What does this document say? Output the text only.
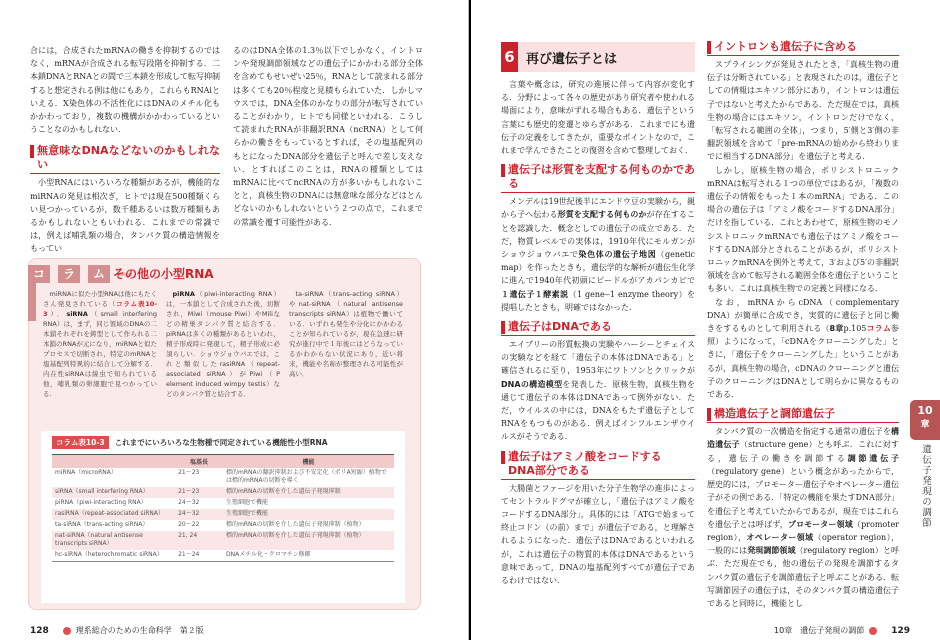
合には，合成されたmRNAの働きを抑制するのではなく，mRNAが合成される転写段階を抑制する．二本鎖DNAとRNAとの間で三本鎖を形成して転写抑制すると想定される例は他にもあり，これらもRNAiといえる．X染色体の不活性化にはDNAのメチル化もかかわっており，複数の機構がかかわっているということなのかもしれない．

無意味なDNAなどないのかもしれない

小型RNAにはいろいろな種類があるが，機能的なmiRNAの発見は相次ぎ，ヒトでは現在500種類くらい見つかっているが，数千種あるいは数万種類もあるかもしれないともいわれる．これまでの常識では，例えば哺乳類の場合，タンパク質の構造情報をもってい

るのはDNA全体の1.3％以下でしかなく，イントロンや発現調節領域などの遺伝子にかかわる部分全体を含めてもせいぜい25％，RNAとして読まれる部分は多くても20％程度と見積もられていた．しかしマウスでは，DNA全体のかなりの部分が転写されていることがわかり，ヒトでも同様といわれる．こうして読まれたRNAが非翻訳RNA（ncRNA）として何らかの働きをもっているとすれば，その塩基配列のもとになったDNA部分を遺伝子と呼んで差し支えない．とすればこのことは，RNAの種類としてはmRNAに比べてncRNAの方が多いかもしれないことと，真核生物のDNAには無意味な部分などはとんどないのかもしれないという２つの点で，これまでの常識を覆す可能性がある．

コ	ラ	ム その他の小型RNA
miRNAに似た小型RNAは他にもたくさん発見されている（コラム表10-3）．siRNA（small interfering RNA）は，まず，同じ領域のDNAの二本鎖それぞれを鋳型として作られる二本鎖のRNAが元になり，miRNAと似たプロセスで切断され，特定のmRNAと塩基配列特異的に結合して分解する．内在性siRNAは線虫で知られている他，哺乳類の卵細胞で見つかっている．
piRNA（piwi-interacting RNA）は，一本鎖として合成された後，切断され，Miwi（mouse Piwi）やMiliなどの精巣タンパク質と結合する．piRNAは多くの種類があるといわれ，精子形成時に発現して，精子形成に必須らしい．ショウジョウバエでは，これと類似したrasiRNA（repeat-associated siRNA）がPiwi（P element induced wimpy testis）などのタンパク質と結合する．
ta-siRNA（trans-acting siRNA）やnat-siRNA（natural antisense transcripts siRNA）は植物で働いている．いずれも発生や分化にかかわることが知られているが，現在急速に研究が進行中で１年後にはどうなっているかわからない状況にあり，近い将来，機能や名称が整理される可能性が高い．
コラム表10-3	これまでにいろいろな生物種で同定されている機能性小型RNA
	塩基長	機能
miRNA（microRNA）	21〜23	標的mRNAの翻訳抑制および不安定化（ポリA短縮）植物では標的mRNAの切断を導く
siRNA（small interfering RNA）	21〜23	標的mRNAの切断を介した遺伝子発現抑制
piRNA（piwi-interacting RNA）	24〜32	生殖細胞で機能
rasiRNA（repeat-associated siRNA）	24〜32	生殖細胞で機能
ta-siRNA（trans-acting siRNA）	20〜22	標的mRNAの切断を介した遺伝子発現抑制（植物）
nat-siRNA（natural antisense transcripts siRNA）	21, 24	標的mRNAの切断を介した遺伝子発現抑制（植物）
hc-siRNA（heterochromatic siRNA）	21〜24	DNAメチル化・クロマチン修飾
128	理系総合のための生命科学　第２版
6 再び遺伝子とは

言葉や概念は，研究の進展に伴って内容が変化する．分野によって各々の歴史があり研究者や使われる場面により，意味がずれる場合もある．遺伝子という言葉にも歴史的変遷とゆらぎがある．これまでにも遺伝子の定義をしてきたが，重要なポイントなので，これまで学んできたことの復習を含めて整理しておく．

遺伝子は形質を支配する何ものかである

メンデルは19世紀後半にエンドウ豆の実験から，親から子へ伝わる形質を支配する何ものかが存在することを認識した．概念としての遺伝子の成立である．ただ，物質レベルでの実体は，1910年代にモルガンがショウジョウバエで染色体の遺伝子地図（genetic map）を作ったときも，遺伝学的な解析が遺伝生化学に進んで1940年代初頭にビードルがアカパンカビで１遺伝子１酵素説（1 gene‒1 enzyme theory）を提唱したときも，明確ではなかった．

遺伝子はDNAである

エイブリーの形質転換の実験やハーシーとチェイスの実験などを経て「遺伝子の本体はDNAである」と確信されるに至り，1953年にワトソンとクリックがDNAの構造模型を発表した．原核生物，真核生物を通じて遺伝子の本体はDNAであって例外がない．ただ，ウイルスの中には，DNAをもたず遺伝子としてRNAをもつものがある．例えばインフルエンザウイルスがそうである．

遺伝子はアミノ酸をコードする
DNA部分である

大腸菌とファージを用いた分子生物学の進歩によってセントラルドグマが確立し，「遺伝子はアミノ酸をコードするDNA部分」，具体的には「ATGで始まって終止コドン（の前）まで」が遺伝子である，と理解されるようになった．遺伝子はDNAであるといわれるが，これは遺伝子の物質的本体はDNAであるという意味であって，DNAの塩基配列すべてが遺伝子であるわけではない．

イントロンも遺伝子に含める

スプライシングが発見されたとき，「真核生物の遺伝子は分断されている」と表現されたのは，遺伝子としての情報はエキソン部分にあり，イントロンは遺伝子ではないと考えたからである．ただ現在では，真核生物の場合にはエキソン，イントロンだけでなく，「転写される範囲の全体」，つまり，5′側と3′側の非翻訳領域を含めて「pre-mRNAの始めから終わりまでに相当するDNA部分」を遺伝子と考える．

しかし，原核生物の場合，ポリシストロニックmRNAは転写される１つの単位ではあるが，「複数の遺伝子の情報をもった１本のmRNA」である．この場合の遺伝子は「アミノ酸をコードするDNA部分」だけを指している．これとあわせて，原核生物のモノシストロニックmRNAでも遺伝子はアミノ酸をコードするDNA部分とされることがあるが，ポリシストロニックmRNAを例外と考えて，3′および5′の非翻訳領域を含めて転写される範囲全体を遺伝子ということも多い．これは真核生物での定義と同様になる．

なお，mRNAからcDNA（complementary DNA）が簡単に合成でき，実質的に遺伝子と同じ働きをするものとして利用される（8章p.105コラム参照）ようになって，「cDNAをクローニングした」ときに，「遺伝子をクローニングした」ということがあるが，真核生物の場合，cDNAのクローニングと遺伝子のクローニングはDNAとして明らかに異なるものである．

構造遺伝子と調節遺伝子

タンパク質の一次構造を指定する通常の遺伝子を構造遺伝子（structure gene）とも呼ぶ．これに対する，遺伝子の働きを調節する調節遺伝子（regulatory gene）という概念があったからで，歴史的には，プロモーター遺伝子やオペレーター遺伝子がその例である．「特定の機能を果たすDNA部分」を遺伝子と考えていたからであるが，現在ではこれらを遺伝子とは呼ばず，プロモーター領域（promoter region），オペレーター領域（operator region），一般的には発現調節領域（regulatory region）と呼ぶ．ただ現在でも，他の遺伝子の発現を調節するタンパク質の遺伝子を調節遺伝子と呼ぶことがある．転写調節因子の遺伝子は，そのタンパク質の構造遺伝子であると同時に，機能とし

10
章
遺伝子発現の調節
10章　遺伝子発現の調節	129
